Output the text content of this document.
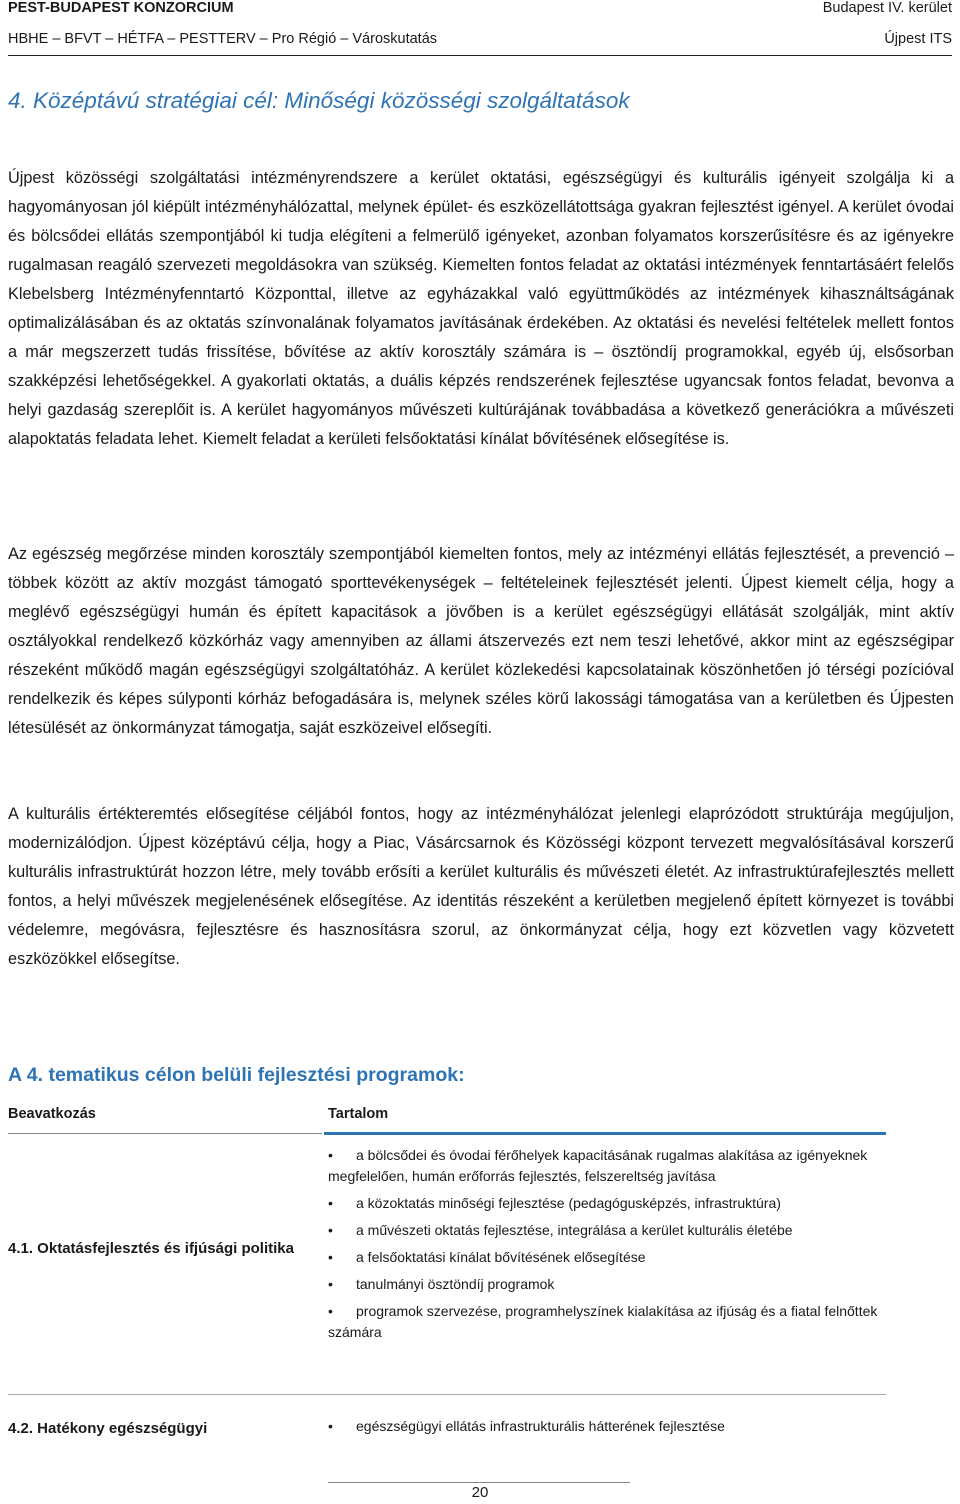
PEST-BUDAPEST KONZORCIUM	Budapest IV. kerület
HBHE – BFVT – HÉTFA – PESTTERV – Pro Régió – Városkutatás	Újpest ITS
4. Középtávú stratégiai cél: Minőségi közösségi szolgáltatások

Újpest közösségi szolgáltatási intézményrendszere a kerület oktatási, egészségügyi és kulturális igényeit szolgálja ki a hagyományosan jól kiépült intézményhálózattal, melynek épület- és eszközellátottsága gyakran fejlesztést igényel. A kerület óvodai és bölcsődei ellátás szempontjából ki tudja elégíteni a felmerülő igényeket, azonban folyamatos korszerűsítésre és az igényekre rugalmasan reagáló szervezeti megoldásokra van szükség. Kiemelten fontos feladat az oktatási intézmények fenntartásáért felelős Klebelsberg Intézményfenntartó Központtal, illetve az egyházakkal való együttműködés az intézmények kihasználtságának optimalizálásában és az oktatás színvonalának folyamatos javításának érdekében. Az oktatási és nevelési feltételek mellett fontos a már megszerzett tudás frissítése, bővítése az aktív korosztály számára is – ösztöndíj programokkal, egyéb új, elsősorban szakképzési lehetőségekkel. A gyakorlati oktatás, a duális képzés rendszerének fejlesztése ugyancsak fontos feladat, bevonva a helyi gazdaság szereplőit is. A kerület hagyományos művészeti kultúrájának továbbadása a következő generációkra a művészeti alapoktatás feladata lehet. Kiemelt feladat a kerületi felsőoktatási kínálat bővítésének elősegítése is.

Az egészség megőrzése minden korosztály szempontjából kiemelten fontos, mely az intézményi ellátás fejlesztését, a prevenció – többek között az aktív mozgást támogató sporttevékenységek – feltételeinek fejlesztését jelenti. Újpest kiemelt célja, hogy a meglévő egészségügyi humán és épített kapacitások a jövőben is a kerület egészségügyi ellátását szolgálják, mint aktív osztályokkal rendelkező közkórház vagy amennyiben az állami átszervezés ezt nem teszi lehetővé, akkor mint az egészségipar részeként működő magán egészségügyi szolgáltatóház. A kerület közlekedési kapcsolatainak köszönhetően jó térségi pozícióval rendelkezik és képes súlyponti kórház befogadására is, melynek széles körű lakossági támogatása van a kerületben és Újpesten létesülését az önkormányzat támogatja, saját eszközeivel elősegíti.

A kulturális értékteremtés elősegítése céljából fontos, hogy az intézményhálózat jelenlegi elaprózódott struktúrája megújuljon, modernizálódjon. Újpest középtávú célja, hogy a Piac, Vásárcsarnok és Közösségi központ tervezett megvalósításával korszerű kulturális infrastruktúrát hozzon létre, mely tovább erősíti a kerület kulturális és művészeti életét. Az infrastruktúrafejlesztés mellett fontos, a helyi művészek megjelenésének elősegítése. Az identitás részeként a kerületben megjelenő épített környezet is további védelemre, megóvásra, fejlesztésre és hasznosításra szorul, az önkormányzat célja, hogy ezt közvetlen vagy közvetett eszközökkel elősegítse.

A 4. tematikus célon belüli fejlesztési programok:
Beavatkozás	Tartalom
4.1. Oktatásfejlesztés és ifjúsági politika
• a bölcsődei és óvodai férőhelyek kapacitásának rugalmas alakítása az igényeknek megfelelően, humán erőforrás fejlesztés, felszereltség javítása
• a közoktatás minőségi fejlesztése (pedagógusképzés, infrastruktúra)
• a művészeti oktatás fejlesztése, integrálása a kerület kulturális életébe
• a felsőoktatási kínálat bővítésének elősegítése
• tanulmányi ösztöndíj programok
• programok szervezése, programhelyszínek kialakítása az ifjúság és a fiatal felnőttek számára
4.2. Hatékony egészségügyi
•	egészségügyi ellátás infrastrukturális hátterének fejlesztése
20
